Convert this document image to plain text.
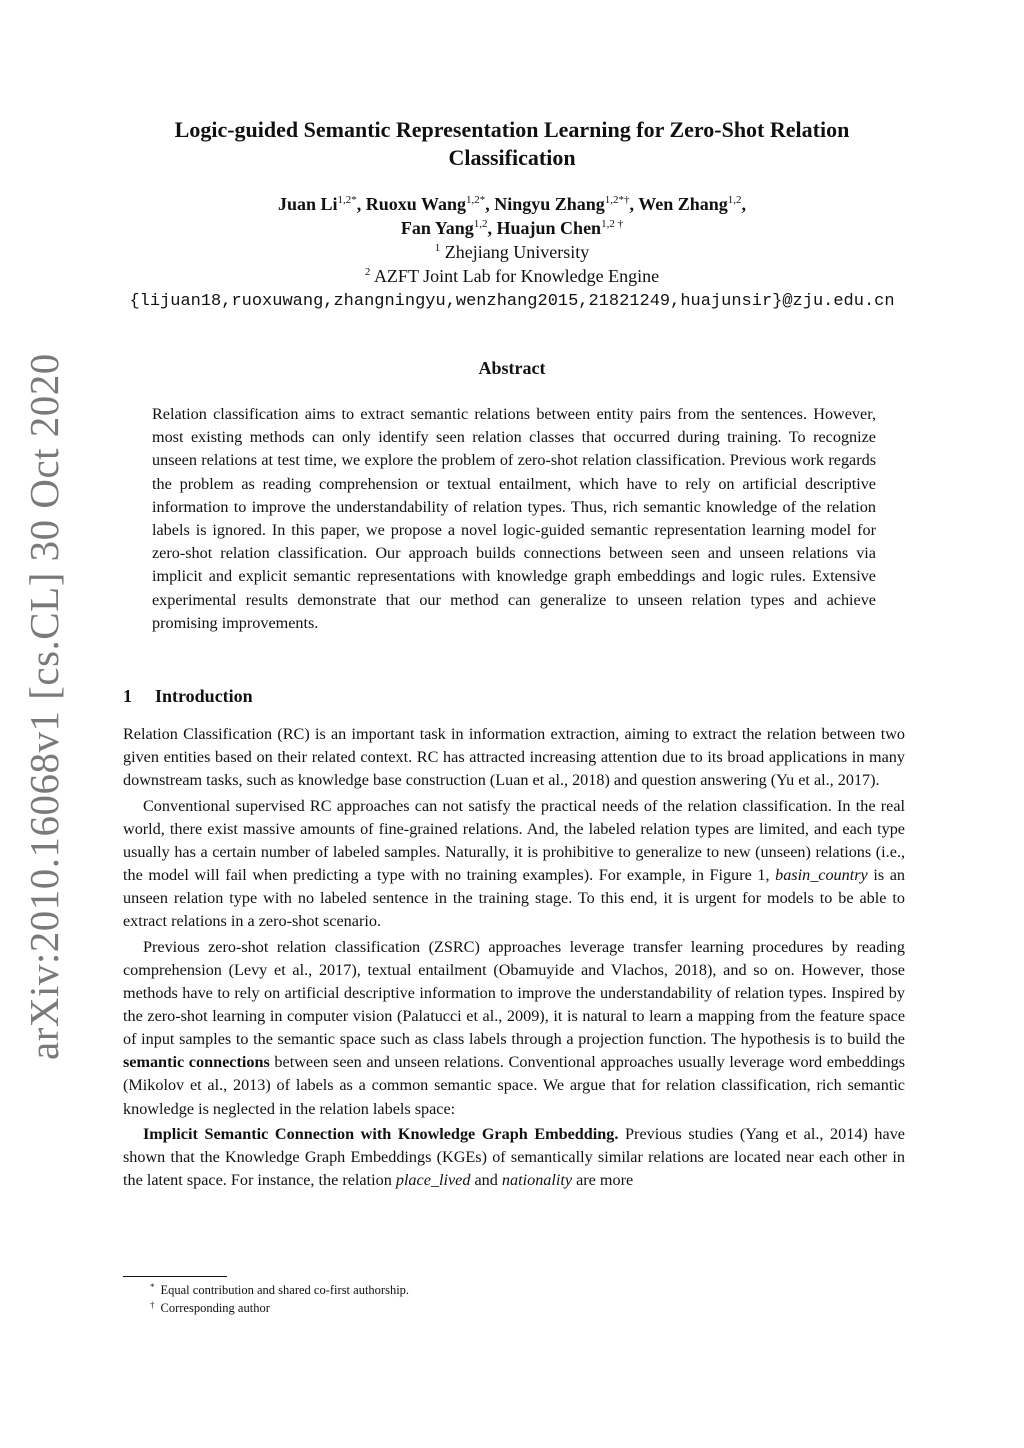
arXiv:2010.16068v1 [cs.CL] 30 Oct 2020
Logic-guided Semantic Representation Learning for Zero-Shot Relation Classification
Juan $Li^{1,2*}$, Ruoxu Wang$^{1,2*}$, Ningyu Zhang$^{1,2*\dagger}$, Wen Zhang$^{1,2}$,
Fan Yang$^{1,2}$, Huajun Chen$^{1,2 \dagger}$
$^1$ Zhejiang University
$^2$ AZFT Joint Lab for Knowledge Engine
{lijuan18,ruoxuwang,zhangningyu,wenzhang2015,21821249,huajunsir}@zju.edu.cn
Abstract
Relation classification aims to extract semantic relations between entity pairs from the sentences. However, most existing methods can only identify seen relation classes that occurred during training. To recognize unseen relations at test time, we explore the problem of zero-shot relation classification. Previous work regards the problem as reading comprehension or textual entailment, which have to rely on artificial descriptive information to improve the understandability of relation types. Thus, rich semantic knowledge of the relation labels is ignored. In this paper, we propose a novel logic-guided semantic representation learning model for zero-shot relation classification. Our approach builds connections between seen and unseen relations via implicit and explicit semantic representations with knowledge graph embeddings and logic rules. Extensive experimental results demonstrate that our method can generalize to unseen relation types and achieve promising improvements.
1 Introduction

Relation Classification (RC) is an important task in information extraction, aiming to extract the relation between two given entities based on their related context. RC has attracted increasing attention due to its broad applications in many downstream tasks, such as knowledge base construction (Luan et al., 2018) and question answering (Yu et al., 2017).

Conventional supervised RC approaches can not satisfy the practical needs of the relation classification. In the real world, there exist massive amounts of fine-grained relations. And, the labeled relation types are limited, and each type usually has a certain number of labeled samples. Naturally, it is prohibitive to generalize to new (unseen) relations (i.e., the model will fail when predicting a type with no training examples). For example, in Figure 1, basin_country is an unseen relation type with no labeled sentence in the training stage. To this end, it is urgent for models to be able to extract relations in a zero-shot scenario.

Previous zero-shot relation classification (ZSRC) approaches leverage transfer learning procedures by reading comprehension (Levy et al., 2017), textual entailment (Obamuyide and Vlachos, 2018), and so on. However, those methods have to rely on artificial descriptive information to improve the understandability of relation types. Inspired by the zero-shot learning in computer vision (Palatucci et al., 2009), it is natural to learn a mapping from the feature space of input samples to the semantic space such as class labels through a projection function. The hypothesis is to build the semantic connections between seen and unseen relations. Conventional approaches usually leverage word embeddings (Mikolov et al., 2013) of labels as a common semantic space. We argue that for relation classification, rich semantic knowledge is neglected in the relation labels space:

Implicit Semantic Connection with Knowledge Graph Embedding. Previous studies (Yang et al., 2014) have shown that the Knowledge Graph Embeddings (KGEs) of semantically similar relations are located near each other in the latent space. For instance, the relation place_lived and nationality are more

* Equal contribution and shared co-first authorship.
† Corresponding author
